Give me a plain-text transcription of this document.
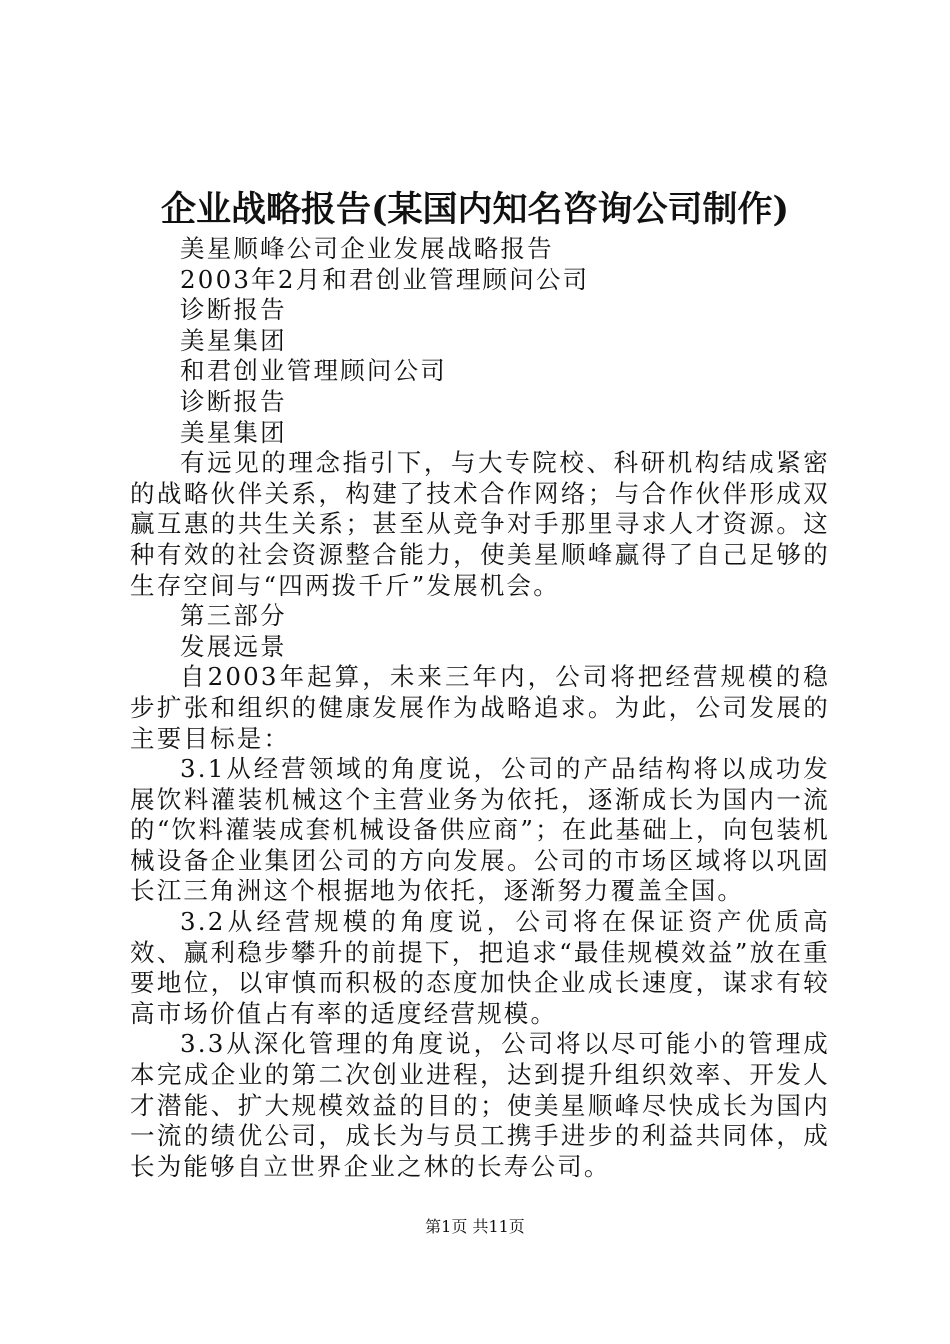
企业战略报告(某国内知名咨询公司制作)

美星顺峰公司企业发展战略报告

2003年2月和君创业管理顾问公司

诊断报告

美星集团

和君创业管理顾问公司

诊断报告

美星集团

有远见的理念指引下，与大专院校、科研机构结成紧密的战略伙伴关系，构建了技术合作网络；与合作伙伴形成双赢互惠的共生关系；甚至从竞争对手那里寻求人才资源。这种有效的社会资源整合能力，使美星顺峰赢得了自己足够的生存空间与“四两拨千斤”发展机会。

第三部分

发展远景

自2003年起算，未来三年内，公司将把经营规模的稳步扩张和组织的健康发展作为战略追求。为此，公司发展的主要目标是：

3.1从经营领域的角度说，公司的产品结构将以成功发展饮料灌装机械这个主营业务为依托，逐渐成长为国内一流的“饮料灌装成套机械设备供应商”；在此基础上，向包装机械设备企业集团公司的方向发展。公司的市场区域将以巩固长江三角洲这个根据地为依托，逐渐努力覆盖全国。

3.2从经营规模的角度说，公司将在保证资产优质高效、赢利稳步攀升的前提下，把追求“最佳规模效益”放在重要地位，以审慎而积极的态度加快企业成长速度，谋求有较高市场价值占有率的适度经营规模。

3.3从深化管理的角度说，公司将以尽可能小的管理成本完成企业的第二次创业进程，达到提升组织效率、开发人才潜能、扩大规模效益的目的；使美星顺峰尽快成长为国内一流的绩优公司，成长为与员工携手进步的利益共同体，成长为能够自立世界企业之林的长寿公司。

第1页 共11页
